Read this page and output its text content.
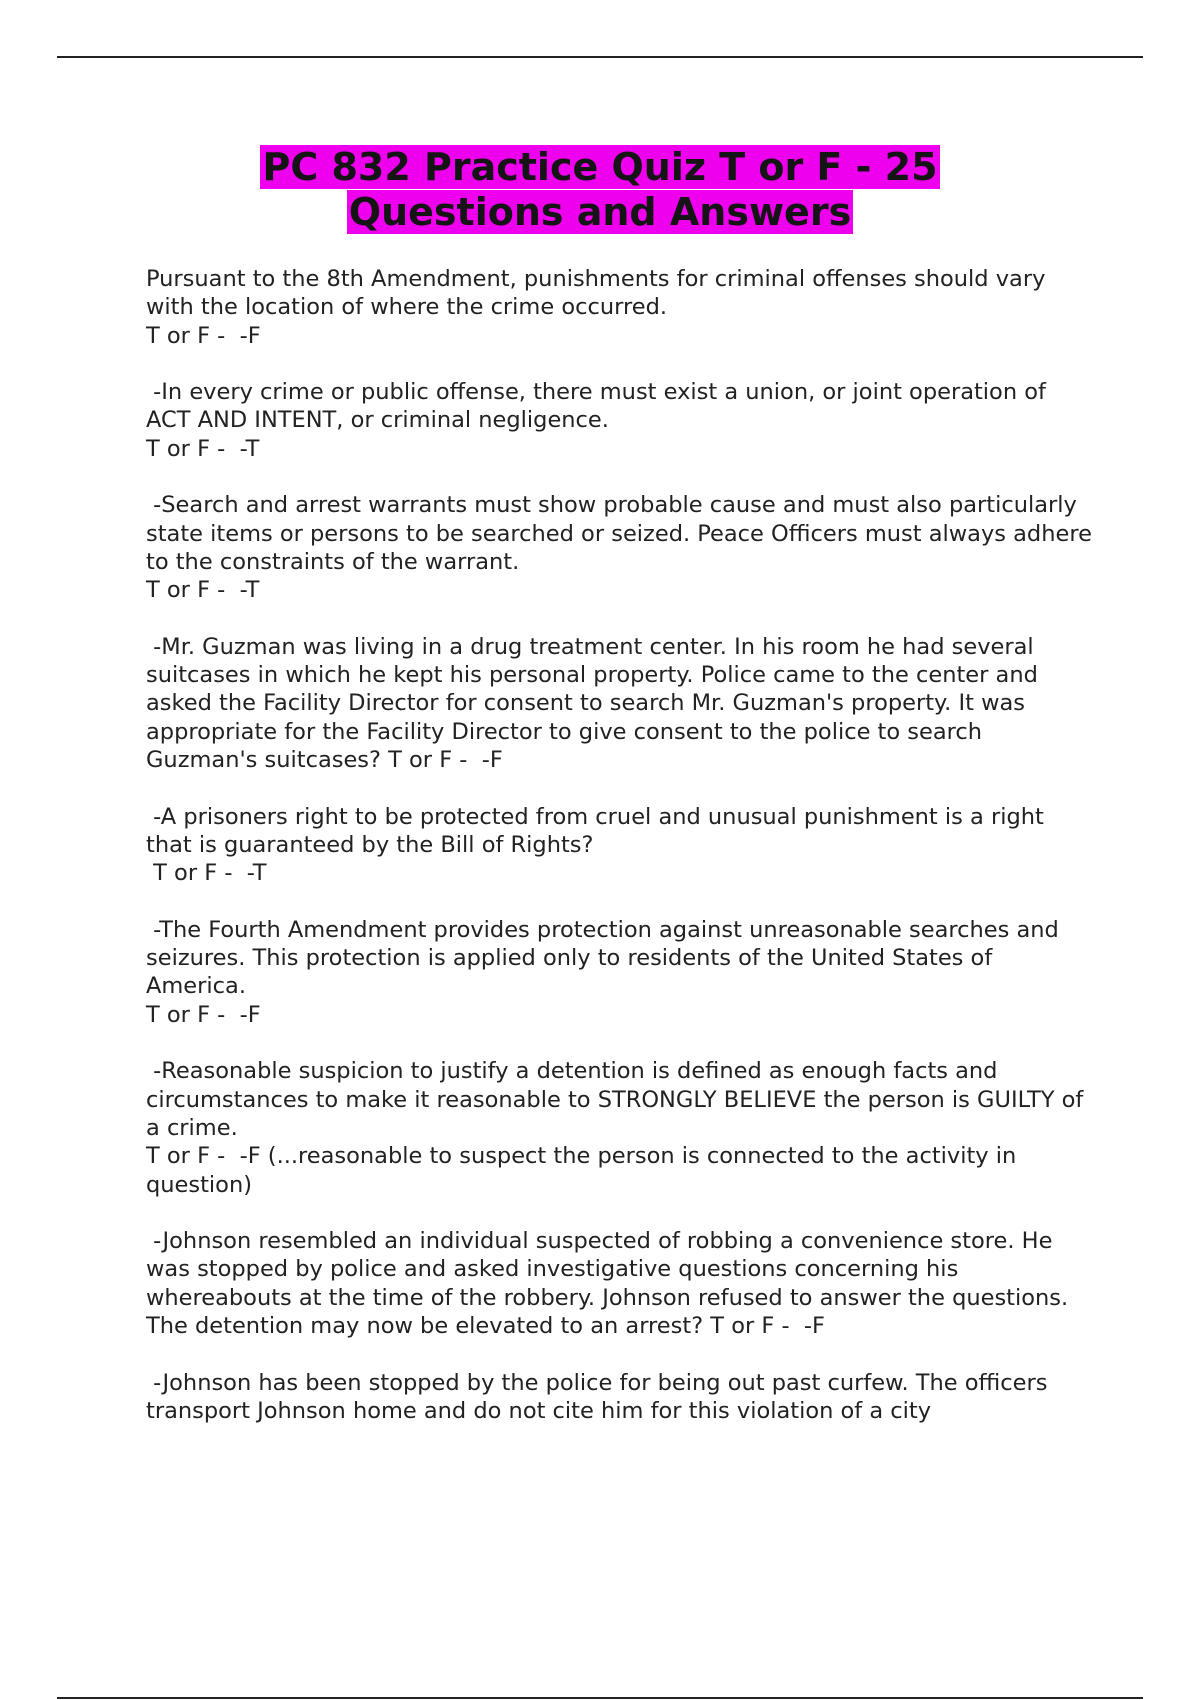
PC 832 Practice Quiz T or F - 25
Questions and Answers
Pursuant to the 8th Amendment, punishments for criminal offenses should vary with the location of where the crime occurred.
T or F -  -F
-In every crime or public offense, there must exist a union, or joint operation of ACT AND INTENT, or criminal negligence.
T or F -  -T
-Search and arrest warrants must show probable cause and must also particularly state items or persons to be searched or seized. Peace Officers must always adhere to the constraints of the warrant.
T or F -  -T
-Mr. Guzman was living in a drug treatment center. In his room he had several suitcases in which he kept his personal property. Police came to the center and asked the Facility Director for consent to search Mr. Guzman's property. It was appropriate for the Facility Director to give consent to the police to search Guzman's suitcases? T or F -  -F
-A prisoners right to be protected from cruel and unusual punishment is a right that is guaranteed by the Bill of Rights?
T or F -  -T
-The Fourth Amendment provides protection against unreasonable searches and seizures. This protection is applied only to residents of the United States of America.
T or F -  -F
-Reasonable suspicion to justify a detention is defined as enough facts and circumstances to make it reasonable to STRONGLY BELIEVE the person is GUILTY of a crime.
T or F -  -F (...reasonable to suspect the person is connected to the activity in question)
-Johnson resembled an individual suspected of robbing a convenience store. He was stopped by police and asked investigative questions concerning his whereabouts at the time of the robbery. Johnson refused to answer the questions. The detention may now be elevated to an arrest? T or F -  -F
-Johnson has been stopped by the police for being out past curfew. The officers transport Johnson home and do not cite him for this violation of a city
